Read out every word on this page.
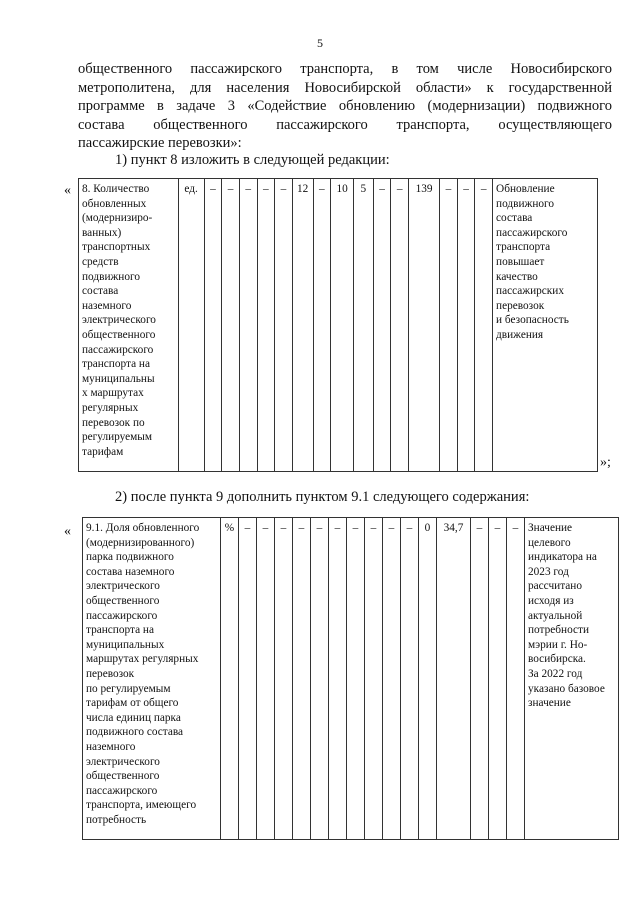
5
общественного пассажирского транспорта, в том числе Новосибирского
метрополитена, для населения Новосибирской области» к государственной
программе в задаче 3 «Содействие обновлению (модернизации) подвижного
состава общественного пассажирского транспорта, осуществляющего
пассажирские перевозки»:
1) пункт 8 изложить в следующей редакции:
« 8. Количество
обновленных
(модернизиро-
ванных)
транспортных
средств
подвижного
состава
наземного
электрического
общественного
пассажирского
транспорта на
муниципальны
х маршрутах
регулярных
перевозок по
регулируемым
тарифам	ед.	–	–	–	–	–	12	–	10	5	–	–	139	–	–	–	Обновление
подвижного
состава
пассажирского
транспорта
повышает
качество
пассажирских
перевозок
и безопасность
движения
»;
2) после пункта 9 дополнить пунктом 9.1 следующего содержания:
« 9.1. Доля обновленного
(модернизированного)
парка подвижного
состава наземного
электрического
общественного
пассажирского
транспорта на
муниципальных
маршрутах регулярных
перевозок
по регулируемым
тарифам от общего
числа единиц парка
подвижного состава
наземного
электрического
общественного
пассажирского
транспорта, имеющего
потребность	%	–	–	–	–	–	–	–	–	–	–	0	34,7	–	–	–	Значение
целевого
индикатора на
2023 год
рассчитано
исходя из
актуальной
потребности
мэрии г. Но-
восибирска.
За 2022 год
указано базовое
значение
